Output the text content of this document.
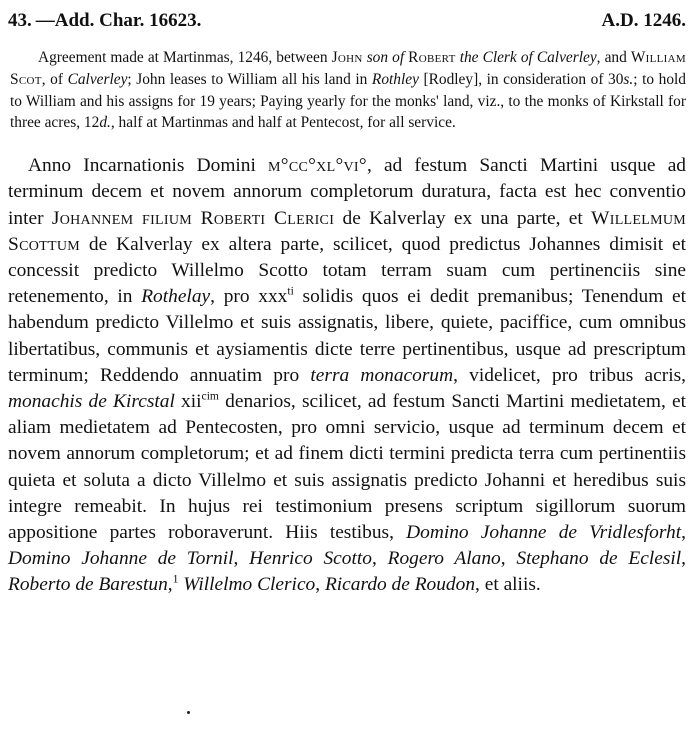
43. —Add. Char. 16623.	A.D. 1246.

Agreement made at Martinmas, 1246, between John son of Robert the Clerk of Calverley, and William Scot, of Calverley; John leases to William all his land in Rothley [Rodley], in consideration of 30s.; to hold to William and his assigns for 19 years; Paying yearly for the monks' land, viz., to the monks of Kirkstall for three acres, 12d., half at Martinmas and half at Pentecost, for all service.

Anno Incarnationis Domini m°cc°xl°vi°, ad festum Sancti Martini usque ad terminum decem et novem annorum completorum duratura, facta est hec conventio inter Johannem filium Roberti Clerici de Kalverlay ex una parte, et Willelmum Scottum de Kalverlay ex altera parte, scilicet, quod predictus Johannes dimisit et concessit predicto Willelmo Scotto totam terram suam cum pertinenciis sine retenemento, in Rothelay, pro xxx$^{ti}$ solidis quos ei dedit premanibus; Tenendum et habendum predicto Villelmo et suis assignatis, libere, quiete, paciffice, cum omnibus libertatibus, communis et aysiamentis dicte terre pertinentibus, usque ad prescriptum terminum; Reddendo annuatim pro terra monacorum, videlicet, pro tribus acris, monachis de Kircstal xii$^{cim}$ denarios, scilicet, ad festum Sancti Martini medietatem, et aliam medietatem ad Pentecosten, pro omni servicio, usque ad terminum decem et novem annorum completorum; et ad finem dicti termini predicta terra cum pertinentiis quieta et soluta a dicto Villelmo et suis assignatis predicto Johanni et heredibus suis integre remeabit. In hujus rei testimonium presens scriptum sigillorum suorum appositione partes roboraverunt. Hiis testibus, Domino Johanne de Vridlesforht, Domino Johanne de Tornil, Henrico Scotto, Rogero Alano, Stephano de Eclesil, Roberto de Barestun,$^1$ Willelmo Clerico, Ricardo de Roudon, et aliis.
